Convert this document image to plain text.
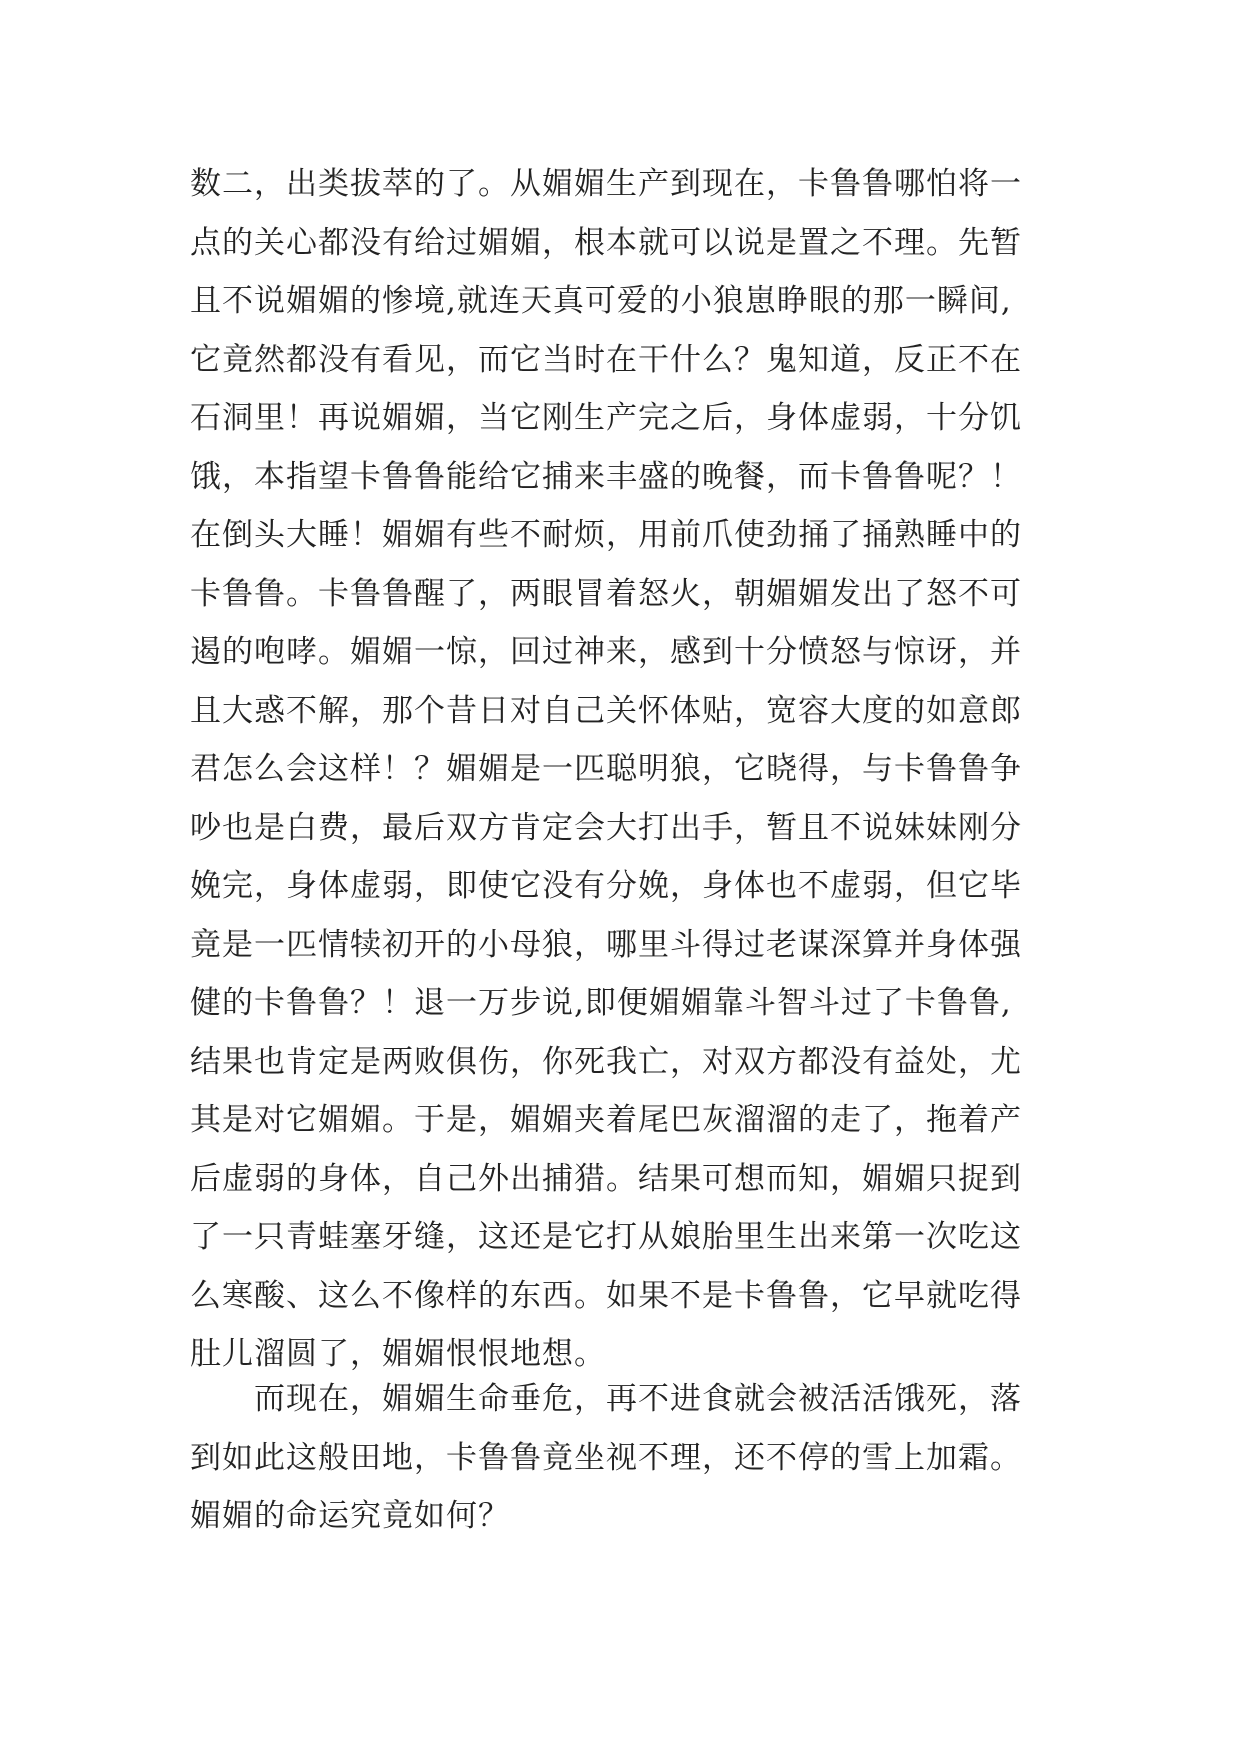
数二，出类拔萃的了。从媚媚生产到现在，卡鲁鲁哪怕将一
点的关心都没有给过媚媚，根本就可以说是置之不理。先暂
且不说媚媚的惨境,就连天真可爱的小狼崽睁眼的那一瞬间,
它竟然都没有看见，而它当时在干什么？鬼知道，反正不在
石洞里！再说媚媚，当它刚生产完之后，身体虚弱，十分饥
饿，本指望卡鲁鲁能给它捕来丰盛的晚餐，而卡鲁鲁呢？！
在倒头大睡！媚媚有些不耐烦，用前爪使劲捅了捅熟睡中的
卡鲁鲁。卡鲁鲁醒了，两眼冒着怒火，朝媚媚发出了怒不可
遏的咆哮。媚媚一惊，回过神来，感到十分愤怒与惊讶，并
且大惑不解，那个昔日对自己关怀体贴，宽容大度的如意郎
君怎么会这样！？媚媚是一匹聪明狼，它晓得，与卡鲁鲁争
吵也是白费，最后双方肯定会大打出手，暂且不说妹妹刚分
娩完，身体虚弱，即使它没有分娩，身体也不虚弱，但它毕
竟是一匹情犊初开的小母狼，哪里斗得过老谋深算并身体强
健的卡鲁鲁？！退一万步说,即便媚媚靠斗智斗过了卡鲁鲁,
结果也肯定是两败俱伤，你死我亡，对双方都没有益处，尤
其是对它媚媚。于是，媚媚夹着尾巴灰溜溜的走了，拖着产
后虚弱的身体，自己外出捕猎。结果可想而知，媚媚只捉到
了一只青蛙塞牙缝，这还是它打从娘胎里生出来第一次吃这
么寒酸、这么不像样的东西。如果不是卡鲁鲁，它早就吃得
肚儿溜圆了，媚媚恨恨地想。
而现在，媚媚生命垂危，再不进食就会被活活饿死，落
到如此这般田地，卡鲁鲁竟坐视不理，还不停的雪上加霜。
媚媚的命运究竟如何？
